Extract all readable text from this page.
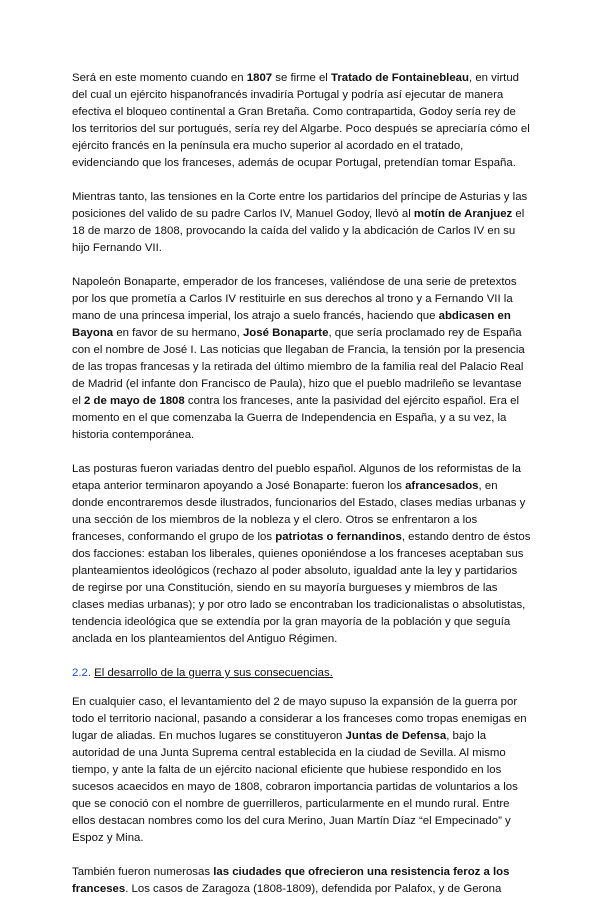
Será en este momento cuando en 1807 se firme el Tratado de Fontainebleau, en virtud del cual un ejército hispanofrancés invadiría Portugal y podría así ejecutar de manera efectiva el bloqueo continental a Gran Bretaña. Como contrapartida, Godoy sería rey de los territorios del sur portugués, sería rey del Algarbe. Poco después se apreciaría cómo el ejército francés en la península era mucho superior al acordado en el tratado, evidenciando que los franceses, además de ocupar Portugal, pretendían tomar España.

Mientras tanto, las tensiones en la Corte entre los partidarios del príncipe de Asturias y las posiciones del valido de su padre Carlos IV, Manuel Godoy, llevó al motín de Aranjuez el 18 de marzo de 1808, provocando la caída del valido y la abdicación de Carlos IV en su hijo Fernando VII.

Napoleón Bonaparte, emperador de los franceses, valiéndose de una serie de pretextos por los que prometía a Carlos IV restituirle en sus derechos al trono y a Fernando VII la mano de una princesa imperial, los atrajo a suelo francés, haciendo que abdicasen en Bayona en favor de su hermano, José Bonaparte, que sería proclamado rey de España con el nombre de José I. Las noticias que llegaban de Francia, la tensión por la presencia de las tropas francesas y la retirada del último miembro de la familia real del Palacio Real de Madrid (el infante don Francisco de Paula), hizo que el pueblo madrileño se levantase el 2 de mayo de 1808 contra los franceses, ante la pasividad del ejército español. Era el momento en el que comenzaba la Guerra de Independencia en España, y a su vez, la historia contemporánea.

Las posturas fueron variadas dentro del pueblo español. Algunos de los reformistas de la etapa anterior terminaron apoyando a José Bonaparte: fueron los afrancesados, en donde encontraremos desde ilustrados, funcionarios del Estado, clases medias urbanas y una sección de los miembros de la nobleza y el clero. Otros se enfrentaron a los franceses, conformando el grupo de los patriotas o fernandinos, estando dentro de éstos dos facciones: estaban los liberales, quienes oponiéndose a los franceses aceptaban sus planteamientos ideológicos (rechazo al poder absoluto, igualdad ante la ley y partidarios de regirse por una Constitución, siendo en su mayoría burgueses y miembros de las clases medias urbanas); y por otro lado se encontraban los tradicionalistas o absolutistas, tendencia ideológica que se extendía por la gran mayoría de la población y que seguía anclada en los planteamientos del Antiguo Régimen.

2.2. El desarrollo de la guerra y sus consecuencias.

En cualquier caso, el levantamiento del 2 de mayo supuso la expansión de la guerra por todo el territorio nacional, pasando a considerar a los franceses como tropas enemigas en lugar de aliadas. En muchos lugares se constituyeron Juntas de Defensa, bajo la autoridad de una Junta Suprema central establecida en la ciudad de Sevilla. Al mismo tiempo, y ante la falta de un ejército nacional eficiente que hubiese respondido en los sucesos acaecidos en mayo de 1808, cobraron importancia partidas de voluntarios a los que se conoció con el nombre de guerrilleros, particularmente en el mundo rural. Entre ellos destacan nombres como los del cura Merino, Juan Martín Díaz “el Empecinado” y Espoz y Mina.

También fueron numerosas las ciudades que ofrecieron una resistencia feroz a los franceses. Los casos de Zaragoza (1808-1809), defendida por Palafox, y de Gerona
